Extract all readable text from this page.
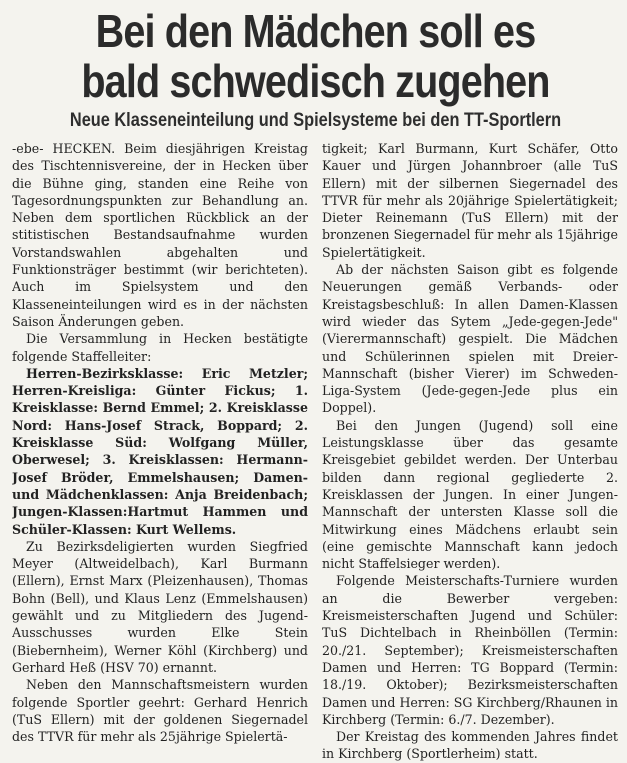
Bei den Mädchen soll es
bald schwedisch zugehen
Neue Klasseneinteilung und Spielsysteme bei den TT-Sportlern

-ebe- HECKEN. Beim diesjährigen Kreistag des Tischtennisvereine, der in Hecken über die Bühne ging, standen eine Reihe von Tagesordnungspunkten zur Behandlung an. Neben dem sportlichen Rückblick an der stitistischen Bestandsaufnahme wurden Vorstandswahlen abgehalten und Funktionsträger bestimmt (wir berichteten). Auch im Spielsystem und den Klasseneinteilungen wird es in der nächsten Saison Änderungen geben.

Die Versammlung in Hecken bestätigte folgende Staffelleiter:

Herren-Bezirksklasse: Eric Metzler; Herren-Kreisliga: Günter Fickus; 1. Kreisklasse: Bernd Emmel; 2. Kreisklasse Nord: Hans-Josef Strack, Boppard; 2. Kreisklasse Süd: Wolfgang Müller, Oberwesel; 3. Kreisklassen: Hermann-Josef Bröder, Emmelshausen; Damen- und Mädchenklassen: Anja Breidenbach; Jungen-Klassen:Hartmut Hammen und Schüler-Klassen: Kurt Wellems.

Zu Bezirksdeligierten wurden Siegfried Meyer (Altweidelbach), Karl Burmann (Ellern), Ernst Marx (Pleizenhausen), Thomas Bohn (Bell), und Klaus Lenz (Emmelshausen) gewählt und zu Mitgliedern des Jugend-Ausschusses wurden Elke Stein (Biebernheim), Werner Köhl (Kirchberg) und Gerhard Heß (HSV 70) ernannt.

Neben den Mannschaftsmeistern wurden folgende Sportler geehrt: Gerhard Henrich (TuS Ellern) mit der goldenen Siegernadel des TTVR für mehr als 25jährige Spielertä-

tigkeit; Karl Burmann, Kurt Schäfer, Otto Kauer und Jürgen Johannbroer (alle TuS Ellern) mit der silbernen Siegernadel des TTVR für mehr als 20jährige Spielertätigkeit; Dieter Reinemann (TuS Ellern) mit der bronzenen Siegernadel für mehr als 15jährige Spielertätigkeit.

Ab der nächsten Saison gibt es folgende Neuerungen gemäß Verbands- oder Kreistagsbeschluß: In allen Damen-Klassen wird wieder das Sytem „Jede-gegen-Jede" (Vierermannschaft) gespielt. Die Mädchen und Schülerinnen spielen mit Dreier-Mannschaft (bisher Vierer) im Schweden-Liga-System (Jede-gegen-Jede plus ein Doppel).

Bei den Jungen (Jugend) soll eine Leistungsklasse über das gesamte Kreisgebiet gebildet werden. Der Unterbau bilden dann regional gegliederte 2. Kreisklassen der Jungen. In einer Jungen-Mannschaft der untersten Klasse soll die Mitwirkung eines Mädchens erlaubt sein (eine gemischte Mannschaft kann jedoch nicht Staffelsieger werden).

Folgende Meisterschafts-Turniere wurden an die Bewerber vergeben: Kreismeisterschaften Jugend und Schüler: TuS Dichtelbach in Rheinböllen (Termin: 20./21. September); Kreismeisterschaften Damen und Herren: TG Boppard (Termin: 18./19. Oktober); Bezirksmeisterschaften Damen und Herren: SG Kirchberg/Rhaunen in Kirchberg (Termin: 6./7. Dezember).

Der Kreistag des kommenden Jahres findet in Kirchberg (Sportlerheim) statt.
